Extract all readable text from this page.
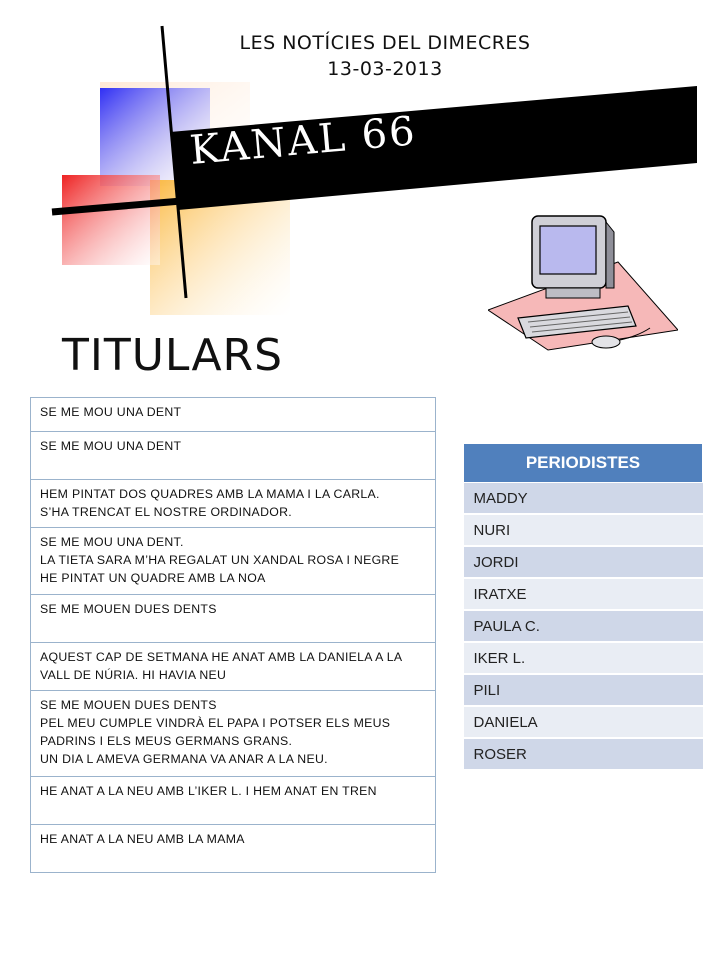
LES NOTÍCIES DEL DIMECRES
13-03-2013
KANAL 66
TITULARS
SE ME MOU UNA DENT

SE ME MOU UNA DENT

HEM PINTAT DOS QUADRES AMB LA MAMA I LA CARLA.
S’HA TRENCAT EL NOSTRE ORDINADOR.

SE ME MOU UNA DENT.
LA TIETA SARA M’HA REGALAT UN XANDAL ROSA I NEGRE
HE PINTAT UN QUADRE AMB LA NOA

SE ME MOUEN DUES DENTS

AQUEST CAP DE SETMANA HE ANAT AMB LA DANIELA A LA
VALL DE NÚRIA. HI HAVIA NEU

SE ME MOUEN DUES DENTS
PEL MEU CUMPLE VINDRÀ EL PAPA I POTSER ELS MEUS
PADRINS I ELS MEUS GERMANS GRANS.
UN DIA L AMEVA GERMANA VA ANAR A LA NEU.

HE ANAT A LA NEU AMB L’IKER L. I HEM ANAT EN TREN

HE ANAT A LA NEU AMB LA MAMA
PERIODISTES
MADDY
NURI
JORDI
IRATXE
PAULA C.
IKER L.
PILI
DANIELA
ROSER
